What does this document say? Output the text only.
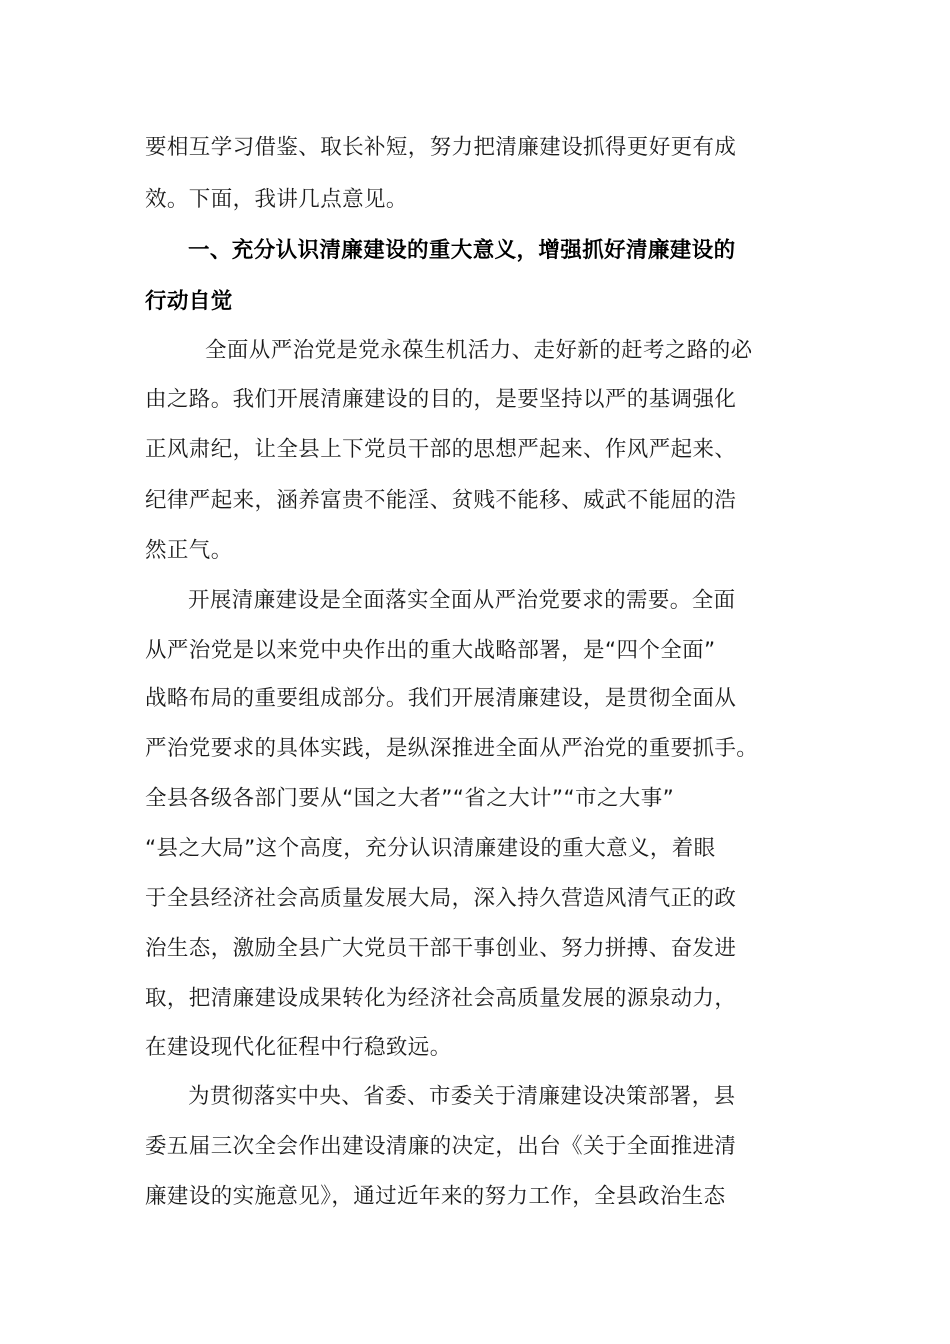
要相互学习借鉴、取长补短，努力把清廉建设抓得更好更有成
效。下面，我讲几点意见。
一、充分认识清廉建设的重大意义，增强抓好清廉建设的
行动自觉
全面从严治党是党永葆生机活力、走好新的赶考之路的必
由之路。我们开展清廉建设的目的，是要坚持以严的基调强化
正风肃纪，让全县上下党员干部的思想严起来、作风严起来、
纪律严起来，涵养富贵不能淫、贫贱不能移、威武不能屈的浩
然正气。
开展清廉建设是全面落实全面从严治党要求的需要。全面
从严治党是以来党中央作出的重大战略部署，是“四个全面”
战略布局的重要组成部分。我们开展清廉建设，是贯彻全面从
严治党要求的具体实践，是纵深推进全面从严治党的重要抓手。
全县各级各部门要从“国之大者”“省之大计”“市之大事”
“县之大局”这个高度，充分认识清廉建设的重大意义，着眼
于全县经济社会高质量发展大局，深入持久营造风清气正的政
治生态，激励全县广大党员干部干事创业、努力拼搏、奋发进
取，把清廉建设成果转化为经济社会高质量发展的源泉动力，
在建设现代化征程中行稳致远。
为贯彻落实中央、省委、市委关于清廉建设决策部署，县
委五届三次全会作出建设清廉的决定，出台《关于全面推进清
廉建设的实施意见》，通过近年来的努力工作，全县政治生态
